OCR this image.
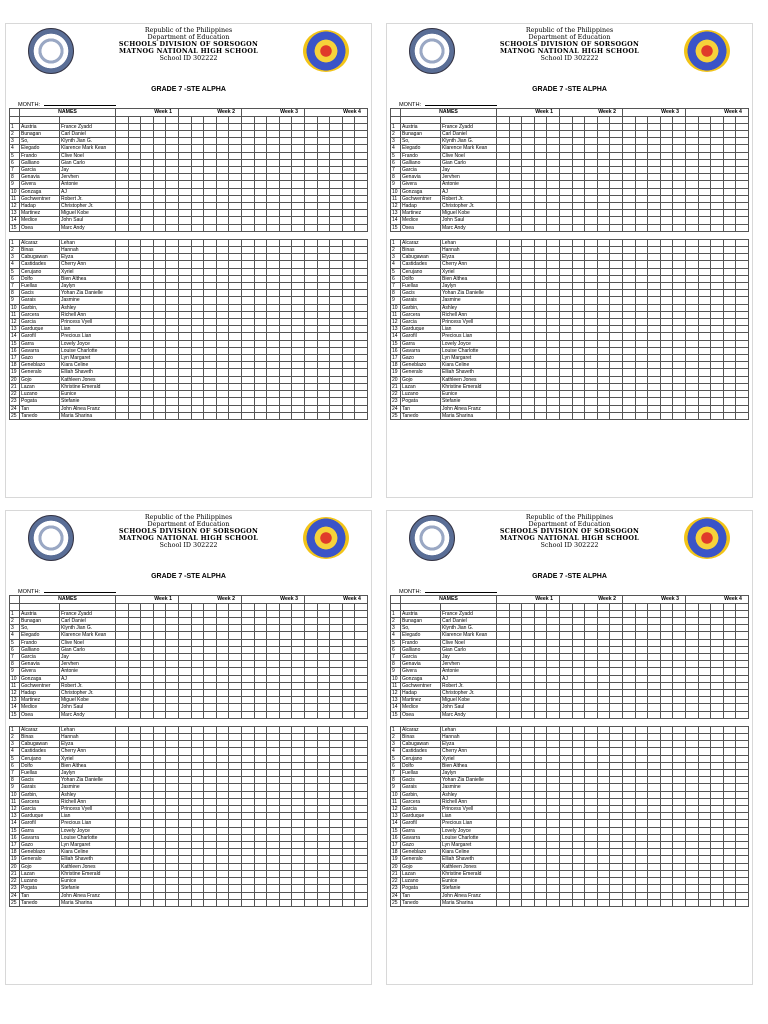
Republic of the Philippines
Department of Education
SCHOOLS DIVISION OF SORSOGON
MATNOG NATIONAL HIGH SCHOOL
School ID 302222
GRADE 7 -STE ALPHA
MONTH:
	NAMES		Week 1					Week 2					Week 3					Week 4				

1	Austria	France Zyadd																				
2	Bunagan	Carl Daniel																				
3	So,	Klynth Jian G.																				
4	Elegado	Klarence Mark Kean																				
5	Frando	Clive Noel																				
6	Galliano	Gian Carlo																				
7	Garcia	Jay																				
8	Genavia	Jervhen																				
9	Givera	Antonie																				
10	Gonzaga	AJ																				
11	Gschwentner	Robert Jr.																				
12	Hadap	Christopher Jr.																				
13	Martinez	Miguel Kobe																				
14	Medice	John Saul																				
15	Osea	Marc Andy																				

1	Alcaraz	Lehan																				
2	Binas	Hannah																				
3	Cabugawan	Elyza																				
4	Castidades	Cherry Ann																				
5	Cerujano	Xyriel																				
6	Dolfo	Bien Althea																				
7	Fuellas	Jaylyn																				
8	Gacis	Yohan Zia Danielle																				
9	Garais	Jasmine																				
10	Garbin,	Ashley																				
11	Garcera	Richell Ann																				
12	Garcia	Princess Vyell																				
13	Garduque	Lian																				
14	Garofil	Precious Lian																				
15	Garra	Lovely Joyce																				
16	Gavarra	Louise Charlotte																				
17	Gazo	Lyn Margaret																				
18	Geneblazo	Kiara Celine																				
19	Generalo	Elliah Shaveth																				
20	Gojo	Kathleen Jones																				
21	Lazan	Khristine Emerald																				
22	Luzano	Eunice																				
23	Pogata	Stefanie																				
24	Tan	John Alnea Franz																				
25	Tanedo	Maria Sharina																				
Republic of the Philippines
Department of Education
SCHOOLS DIVISION OF SORSOGON
MATNOG NATIONAL HIGH SCHOOL
School ID 302222
GRADE 7 -STE ALPHA
MONTH:
	NAMES		Week 1					Week 2					Week 3					Week 4				

1	Austria	France Zyadd																				
2	Bunagan	Carl Daniel																				
3	So,	Klynth Jian G.																				
4	Elegado	Klarence Mark Kean																				
5	Frando	Clive Noel																				
6	Galliano	Gian Carlo																				
7	Garcia	Jay																				
8	Genavia	Jervhen																				
9	Givera	Antonie																				
10	Gonzaga	AJ																				
11	Gschwentner	Robert Jr.																				
12	Hadap	Christopher Jr.																				
13	Martinez	Miguel Kobe																				
14	Medice	John Saul																				
15	Osea	Marc Andy																				

1	Alcaraz	Lehan																				
2	Binas	Hannah																				
3	Cabugawan	Elyza																				
4	Castidades	Cherry Ann																				
5	Cerujano	Xyriel																				
6	Dolfo	Bien Althea																				
7	Fuellas	Jaylyn																				
8	Gacis	Yohan Zia Danielle																				
9	Garais	Jasmine																				
10	Garbin,	Ashley																				
11	Garcera	Richell Ann																				
12	Garcia	Princess Vyell																				
13	Garduque	Lian																				
14	Garofil	Precious Lian																				
15	Garra	Lovely Joyce																				
16	Gavarra	Louise Charlotte																				
17	Gazo	Lyn Margaret																				
18	Geneblazo	Kiara Celine																				
19	Generalo	Elliah Shaveth																				
20	Gojo	Kathleen Jones																				
21	Lazan	Khristine Emerald																				
22	Luzano	Eunice																				
23	Pogata	Stefanie																				
24	Tan	John Alnea Franz																				
25	Tanedo	Maria Sharina																				
Republic of the Philippines
Department of Education
SCHOOLS DIVISION OF SORSOGON
MATNOG NATIONAL HIGH SCHOOL
School ID 302222
GRADE 7 -STE ALPHA
MONTH:
	NAMES		Week 1					Week 2					Week 3					Week 4				

1	Austria	France Zyadd																				
2	Bunagan	Carl Daniel																				
3	So,	Klynth Jian G.																				
4	Elegado	Klarence Mark Kean																				
5	Frando	Clive Noel																				
6	Galliano	Gian Carlo																				
7	Garcia	Jay																				
8	Genavia	Jervhen																				
9	Givera	Antonie																				
10	Gonzaga	AJ																				
11	Gschwentner	Robert Jr.																				
12	Hadap	Christopher Jr.																				
13	Martinez	Miguel Kobe																				
14	Medice	John Saul																				
15	Osea	Marc Andy																				

1	Alcaraz	Lehan																				
2	Binas	Hannah																				
3	Cabugawan	Elyza																				
4	Castidades	Cherry Ann																				
5	Cerujano	Xyriel																				
6	Dolfo	Bien Althea																				
7	Fuellas	Jaylyn																				
8	Gacis	Yohan Zia Danielle																				
9	Garais	Jasmine																				
10	Garbin,	Ashley																				
11	Garcera	Richell Ann																				
12	Garcia	Princess Vyell																				
13	Garduque	Lian																				
14	Garofil	Precious Lian																				
15	Garra	Lovely Joyce																				
16	Gavarra	Louise Charlotte																				
17	Gazo	Lyn Margaret																				
18	Geneblazo	Kiara Celine																				
19	Generalo	Elliah Shaveth																				
20	Gojo	Kathleen Jones																				
21	Lazan	Khristine Emerald																				
22	Luzano	Eunice																				
23	Pogata	Stefanie																				
24	Tan	John Alnea Franz																				
25	Tanedo	Maria Sharina																				
Republic of the Philippines
Department of Education
SCHOOLS DIVISION OF SORSOGON
MATNOG NATIONAL HIGH SCHOOL
School ID 302222
GRADE 7 -STE ALPHA
MONTH:
	NAMES		Week 1					Week 2					Week 3					Week 4				

1	Austria	France Zyadd																				
2	Bunagan	Carl Daniel																				
3	So,	Klynth Jian G.																				
4	Elegado	Klarence Mark Kean																				
5	Frando	Clive Noel																				
6	Galliano	Gian Carlo																				
7	Garcia	Jay																				
8	Genavia	Jervhen																				
9	Givera	Antonie																				
10	Gonzaga	AJ																				
11	Gschwentner	Robert Jr.																				
12	Hadap	Christopher Jr.																				
13	Martinez	Miguel Kobe																				
14	Medice	John Saul																				
15	Osea	Marc Andy																				

1	Alcaraz	Lehan																				
2	Binas	Hannah																				
3	Cabugawan	Elyza																				
4	Castidades	Cherry Ann																				
5	Cerujano	Xyriel																				
6	Dolfo	Bien Althea																				
7	Fuellas	Jaylyn																				
8	Gacis	Yohan Zia Danielle																				
9	Garais	Jasmine																				
10	Garbin,	Ashley																				
11	Garcera	Richell Ann																				
12	Garcia	Princess Vyell																				
13	Garduque	Lian																				
14	Garofil	Precious Lian																				
15	Garra	Lovely Joyce																				
16	Gavarra	Louise Charlotte																				
17	Gazo	Lyn Margaret																				
18	Geneblazo	Kiara Celine																				
19	Generalo	Elliah Shaveth																				
20	Gojo	Kathleen Jones																				
21	Lazan	Khristine Emerald																				
22	Luzano	Eunice																				
23	Pogata	Stefanie																				
24	Tan	John Alnea Franz																				
25	Tanedo	Maria Sharina																				
